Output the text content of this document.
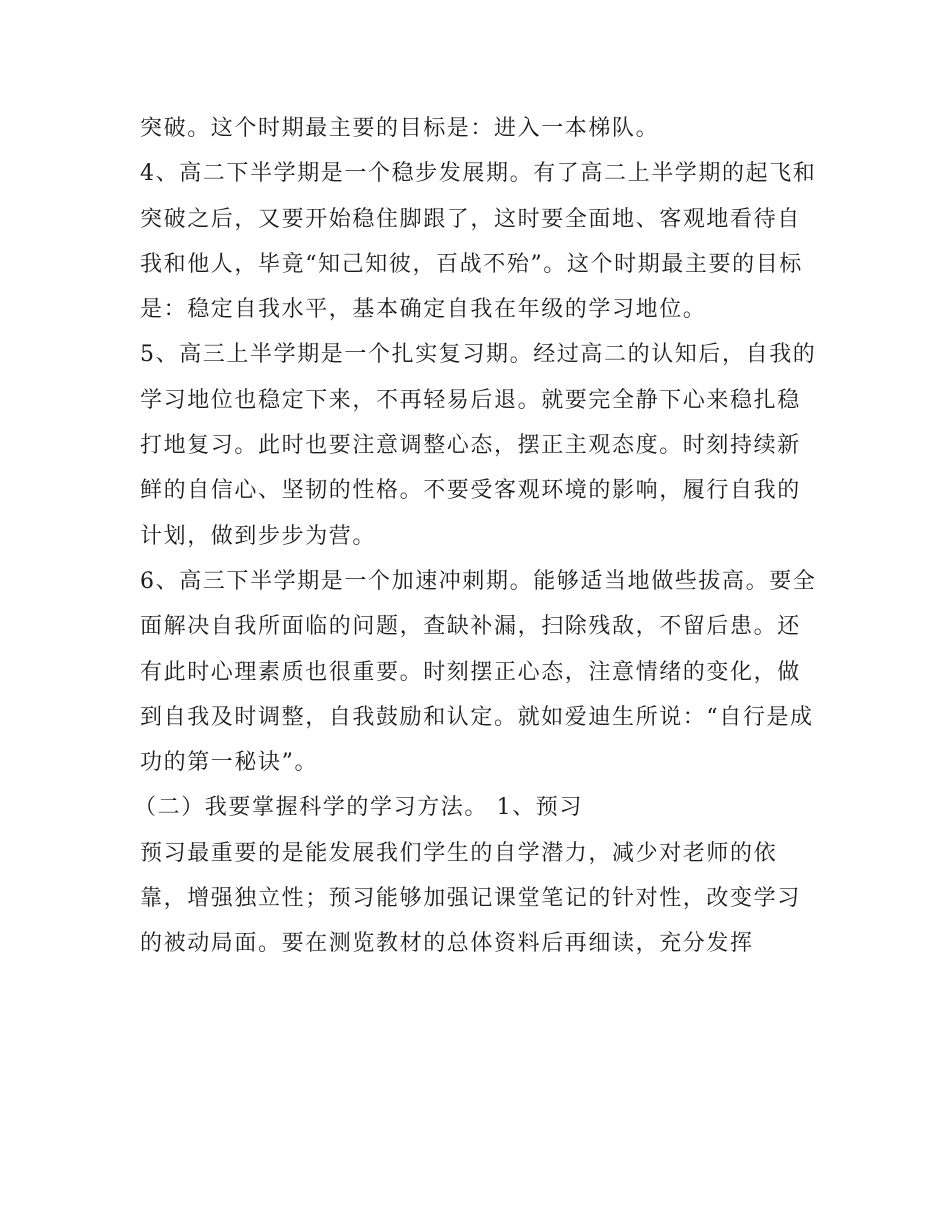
突破。这个时期最主要的目标是：进入一本梯队。

4、高二下半学期是一个稳步发展期。有了高二上半学期的起飞和突破之后，又要开始稳住脚跟了，这时要全面地、客观地看待自我和他人，毕竟“知己知彼，百战不殆”。这个时期最主要的目标是：稳定自我水平，基本确定自我在年级的学习地位。

5、高三上半学期是一个扎实复习期。经过高二的认知后，自我的学习地位也稳定下来，不再轻易后退。就要完全静下心来稳扎稳打地复习。此时也要注意调整心态，摆正主观态度。时刻持续新鲜的自信心、坚韧的性格。不要受客观环境的影响，履行自我的计划，做到步步为营。

6、高三下半学期是一个加速冲刺期。能够适当地做些拔高。要全面解决自我所面临的问题，查缺补漏，扫除残敌，不留后患。还有此时心理素质也很重要。时刻摆正心态，注意情绪的变化，做到自我及时调整，自我鼓励和认定。就如爱迪生所说：“自行是成功的第一秘诀”。

（二）我要掌握科学的学习方法。 1、预习

预习最重要的是能发展我们学生的自学潜力，减少对老师的依靠，增强独立性；预习能够加强记课堂笔记的针对性，改变学习的被动局面。要在测览教材的总体资料后再细读，充分发挥
